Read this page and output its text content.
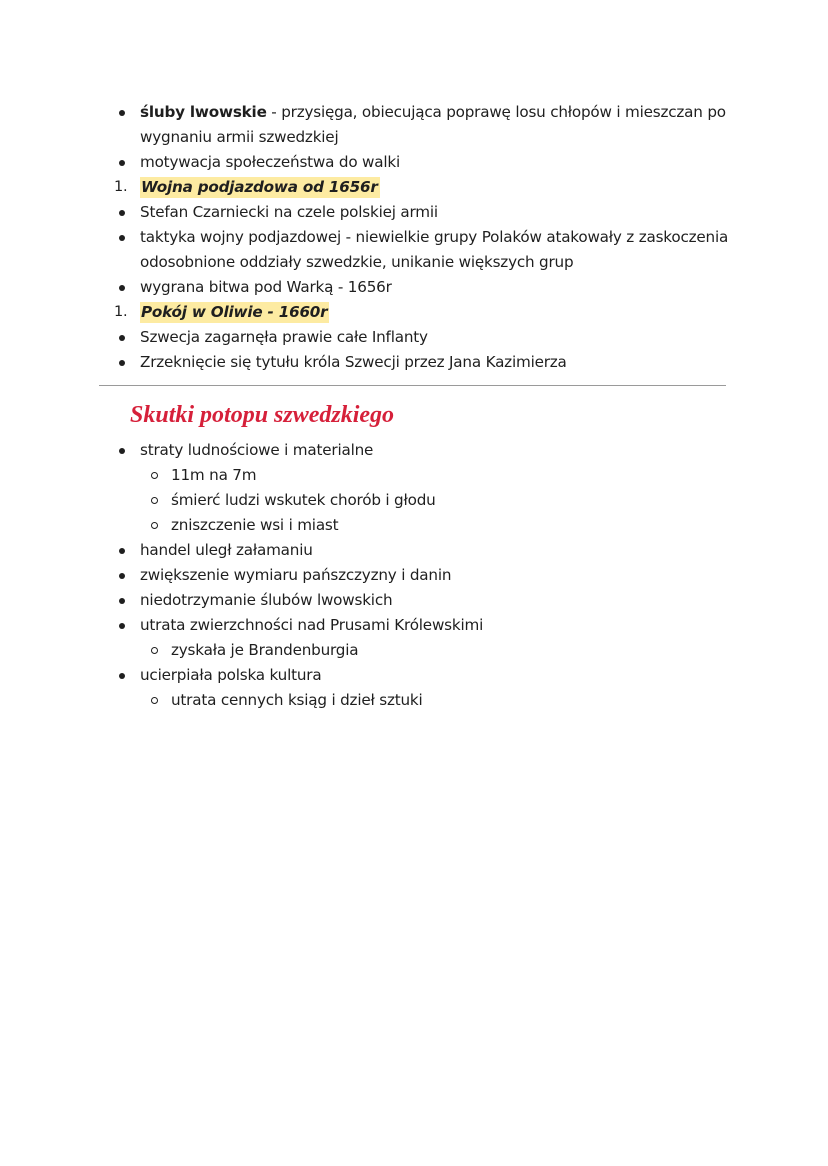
śluby lwowskie - przysięga, obiecująca poprawę losu chłopów i mieszczan po wygnaniu armii szwedzkiej
motywacja społeczeństwa do walki
1. Wojna podjazdowa od 1656r
Stefan Czarniecki na czele polskiej armii
taktyka wojny podjazdowej - niewielkie grupy Polaków atakowały z zaskoczenia odosobnione oddziały szwedzkie, unikanie większych grup
wygrana bitwa pod Warką - 1656r
1. Pokój w Oliwie - 1660r
Szwecja zagarnęła prawie całe Inflanty
Zrzeknięcie się tytułu króla Szwecji przez Jana Kazimierza
Skutki potopu szwedzkiego
straty ludnościowe i materialne
11m na 7m
śmierć ludzi wskutek chorób i głodu
zniszczenie wsi i miast
handel uległ załamaniu
zwiększenie wymiaru pańszczyzny i danin
niedotrzymanie ślubów lwowskich
utrata zwierzchności nad Prusami Królewskimi
zyskała je Brandenburgia
ucierpiała polska kultura
utrata cennych ksiąg i dzieł sztuki
